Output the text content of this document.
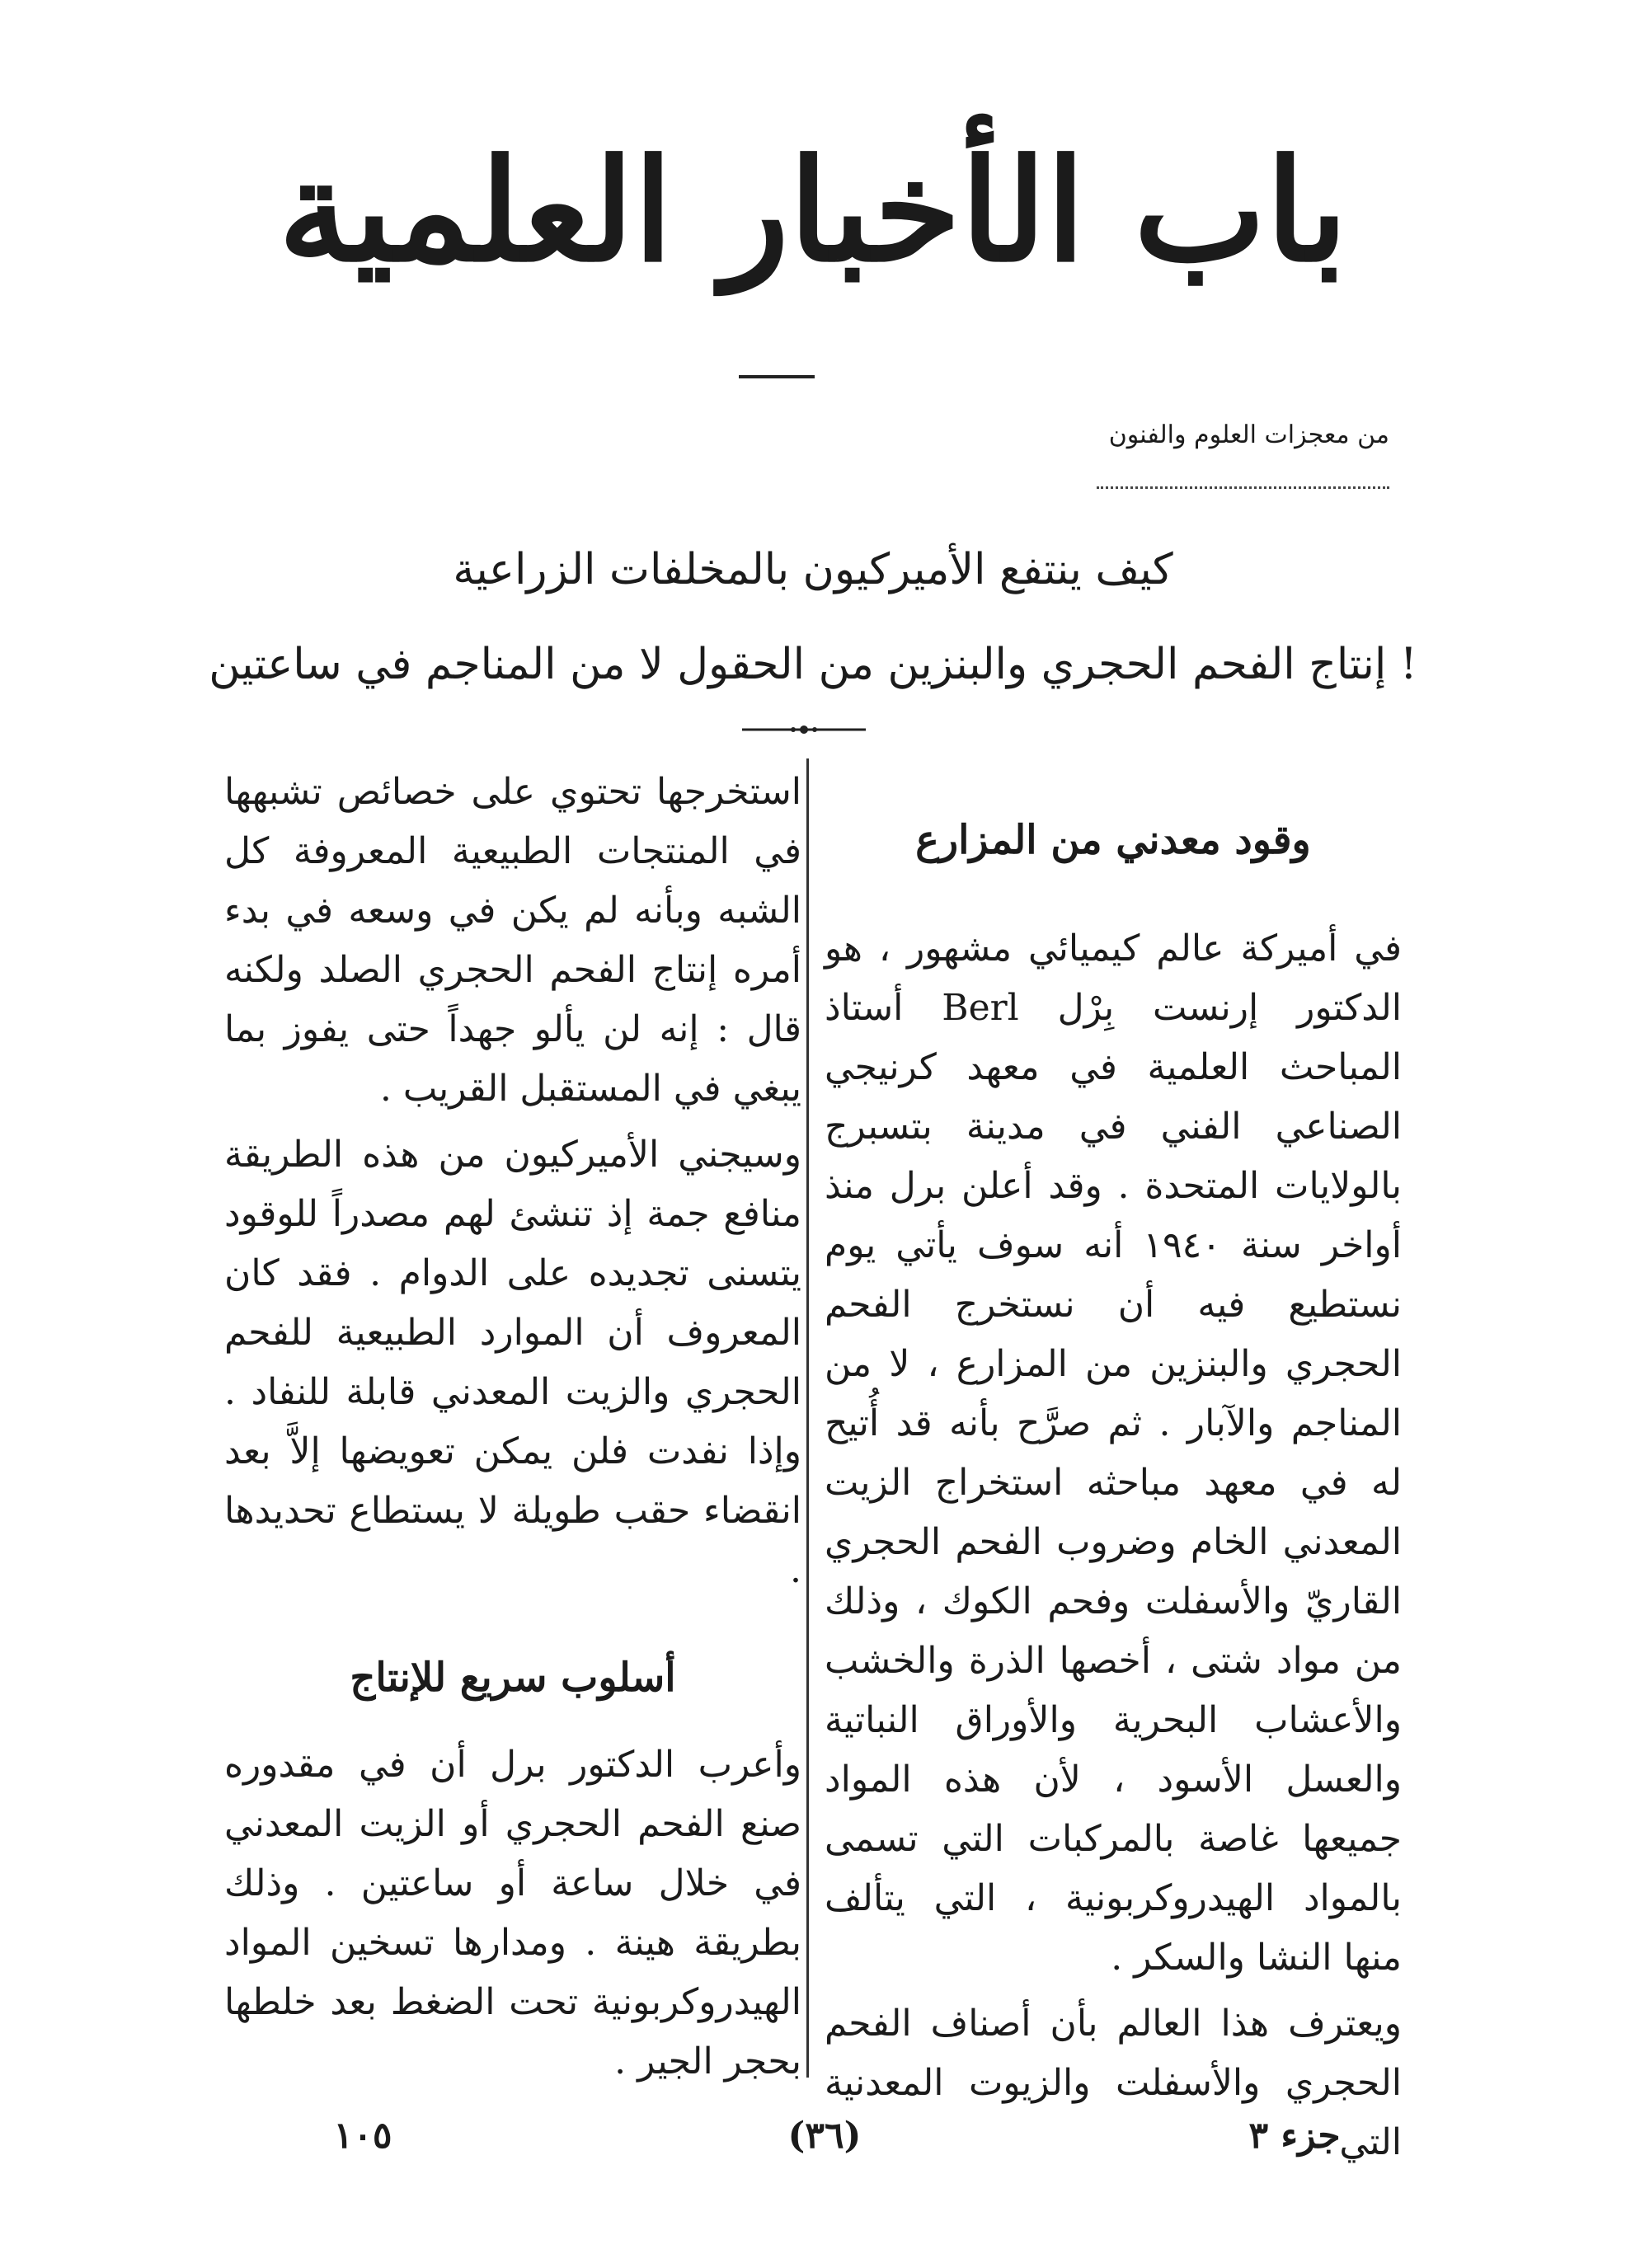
باب الأخبار العلمية
من معجزات العلوم والفنون
كيف ينتفع الأميركيون بالمخلفات الزراعية
إنتاج الفحم الحجري والبنزين من الحقول لا من المناجم في ساعتين !
وقود معدني من المزارع

في أميركة عالم كيميائي مشهور ، هو الدكتور إرنست بِرْل Berl أستاذ المباحث العلمية في معهد كرنيجي الصناعي الفني في مدينة بتسبرج بالولايات المتحدة . وقد أعلن برل منذ أواخر سنة ١٩٤٠ أنه سوف يأتي يوم نستطيع فيه أن نستخرج الفحم الحجري والبنزين من المزارع ، لا من المناجم والآبار . ثم صرَّح بأنه قد أُتيح له في معهد مباحثه استخراج الزيت المعدني الخام وضروب الفحم الحجري القاريّ والأسفلت وفحم الكوك ، وذلك من مواد شتى ، أخصها الذرة والخشب والأعشاب البحرية والأوراق النباتية والعسل الأسود ، لأن هذه المواد جميعها غاصة بالمركبات التي تسمى بالمواد الهيدروكربونية ، التي يتألف منها النشا والسكر .

ويعترف هذا العالم بأن أصناف الفحم الحجري والأسفلت والزيوت المعدنية التي

استخرجها تحتوي على خصائص تشبهها في المنتجات الطبيعية المعروفة كل الشبه وبأنه لم يكن في وسعه في بدء أمره إنتاج الفحم الحجري الصلد ولكنه قال : إنه لن يألو جهداً حتى يفوز بما يبغي في المستقبل القريب .

وسيجني الأميركيون من هذه الطريقة منافع جمة إذ تنشئ لهم مصدراً للوقود يتسنى تجديده على الدوام . فقد كان المعروف أن الموارد الطبيعية للفحم الحجري والزيت المعدني قابلة للنفاد . وإذا نفدت فلن يمكن تعويضها إلاَّ بعد انقضاء حقب طويلة لا يستطاع تحديدها .

أسلوب سريع للإنتاج

وأعرب الدكتور برل أن في مقدوره صنع الفحم الحجري أو الزيت المعدني في خلال ساعة أو ساعتين . وذلك بطريقة هينة . ومدارها تسخين المواد الهيدروكربونية تحت الضغط بعد خلطها بحجر الجير .

جزء ٣
(٣٦)
١٠٥
